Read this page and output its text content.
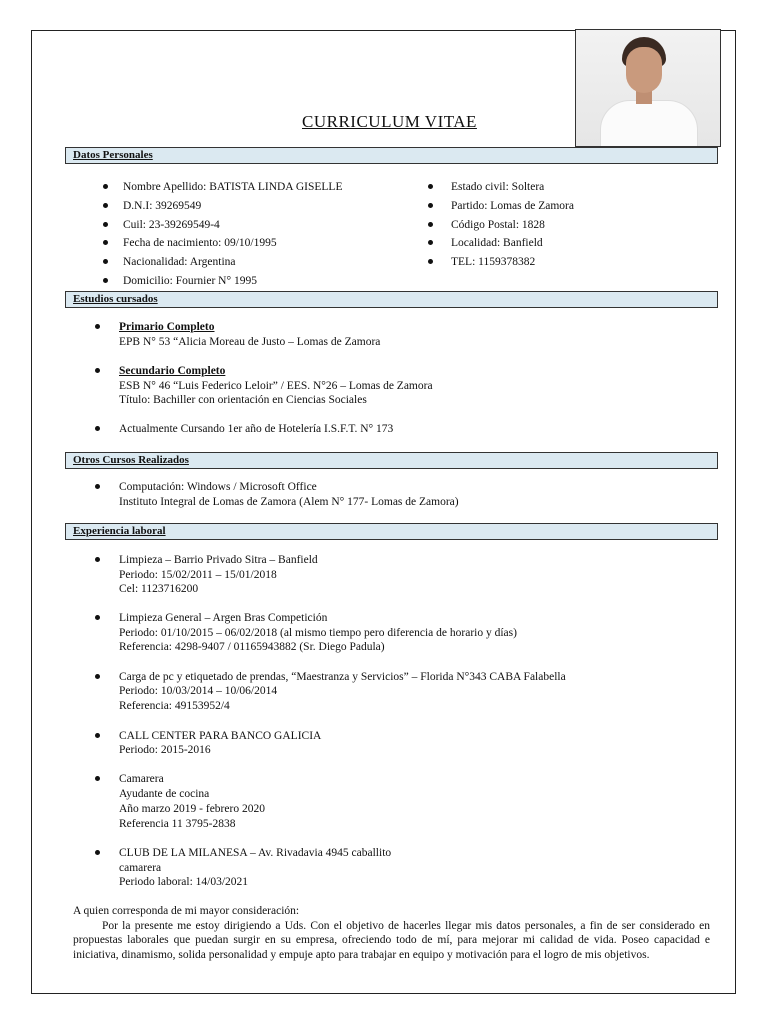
CURRICULUM VITAE
Datos Personales
Nombre Apellido: BATISTA LINDA GISELLE
D.N.I: 39269549
Cuil: 23-39269549-4
Fecha de nacimiento: 09/10/1995
Nacionalidad: Argentina
Domicilio: Fournier N° 1995
Estado civil: Soltera
Partido: Lomas de Zamora
Código Postal: 1828
Localidad: Banfield
TEL: 1159378382
Estudios cursados
Primario Completo
EPB N° 53 “Alicia Moreau de Justo – Lomas de Zamora
Secundario Completo
ESB N° 46 “Luis Federico Leloir” / EES. N°26 – Lomas de Zamora
Título: Bachiller con orientación en Ciencias Sociales
Actualmente Cursando 1er año de Hotelería I.S.F.T. N° 173
Otros Cursos Realizados
Computación: Windows / Microsoft Office
Instituto Integral de Lomas de Zamora (Alem N° 177- Lomas de Zamora)
Experiencia laboral
Limpieza – Barrio Privado Sitra – Banfield
Periodo: 15/02/2011 – 15/01/2018
Cel: 1123716200
Limpieza General – Argen Bras Competición
Periodo: 01/10/2015 – 06/02/2018 (al mismo tiempo pero diferencia de horario y días)
Referencia: 4298-9407 / 01165943882 (Sr. Diego Padula)
Carga de pc y etiquetado de prendas, “Maestranza y Servicios” – Florida N°343 CABA Falabella
Periodo: 10/03/2014 – 10/06/2014
Referencia: 49153952/4
CALL CENTER PARA BANCO GALICIA
Periodo: 2015-2016
Camarera
Ayudante de cocina
Año marzo 2019 - febrero 2020
Referencia 11 3795-2838
CLUB DE LA MILANESA – Av. Rivadavia 4945 caballito
camarera
Periodo laboral: 14/03/2021
A quien corresponda de mi mayor consideración:

Por la presente me estoy dirigiendo a Uds. Con el objetivo de hacerles llegar mis datos personales, a fin de ser considerado en propuestas laborales que puedan surgir en su empresa, ofreciendo todo de mí, para mejorar mi calidad de vida. Poseo capacidad e iniciativa, dinamismo, solida personalidad y empuje apto para trabajar en equipo y motivación para el logro de mis objetivos.
